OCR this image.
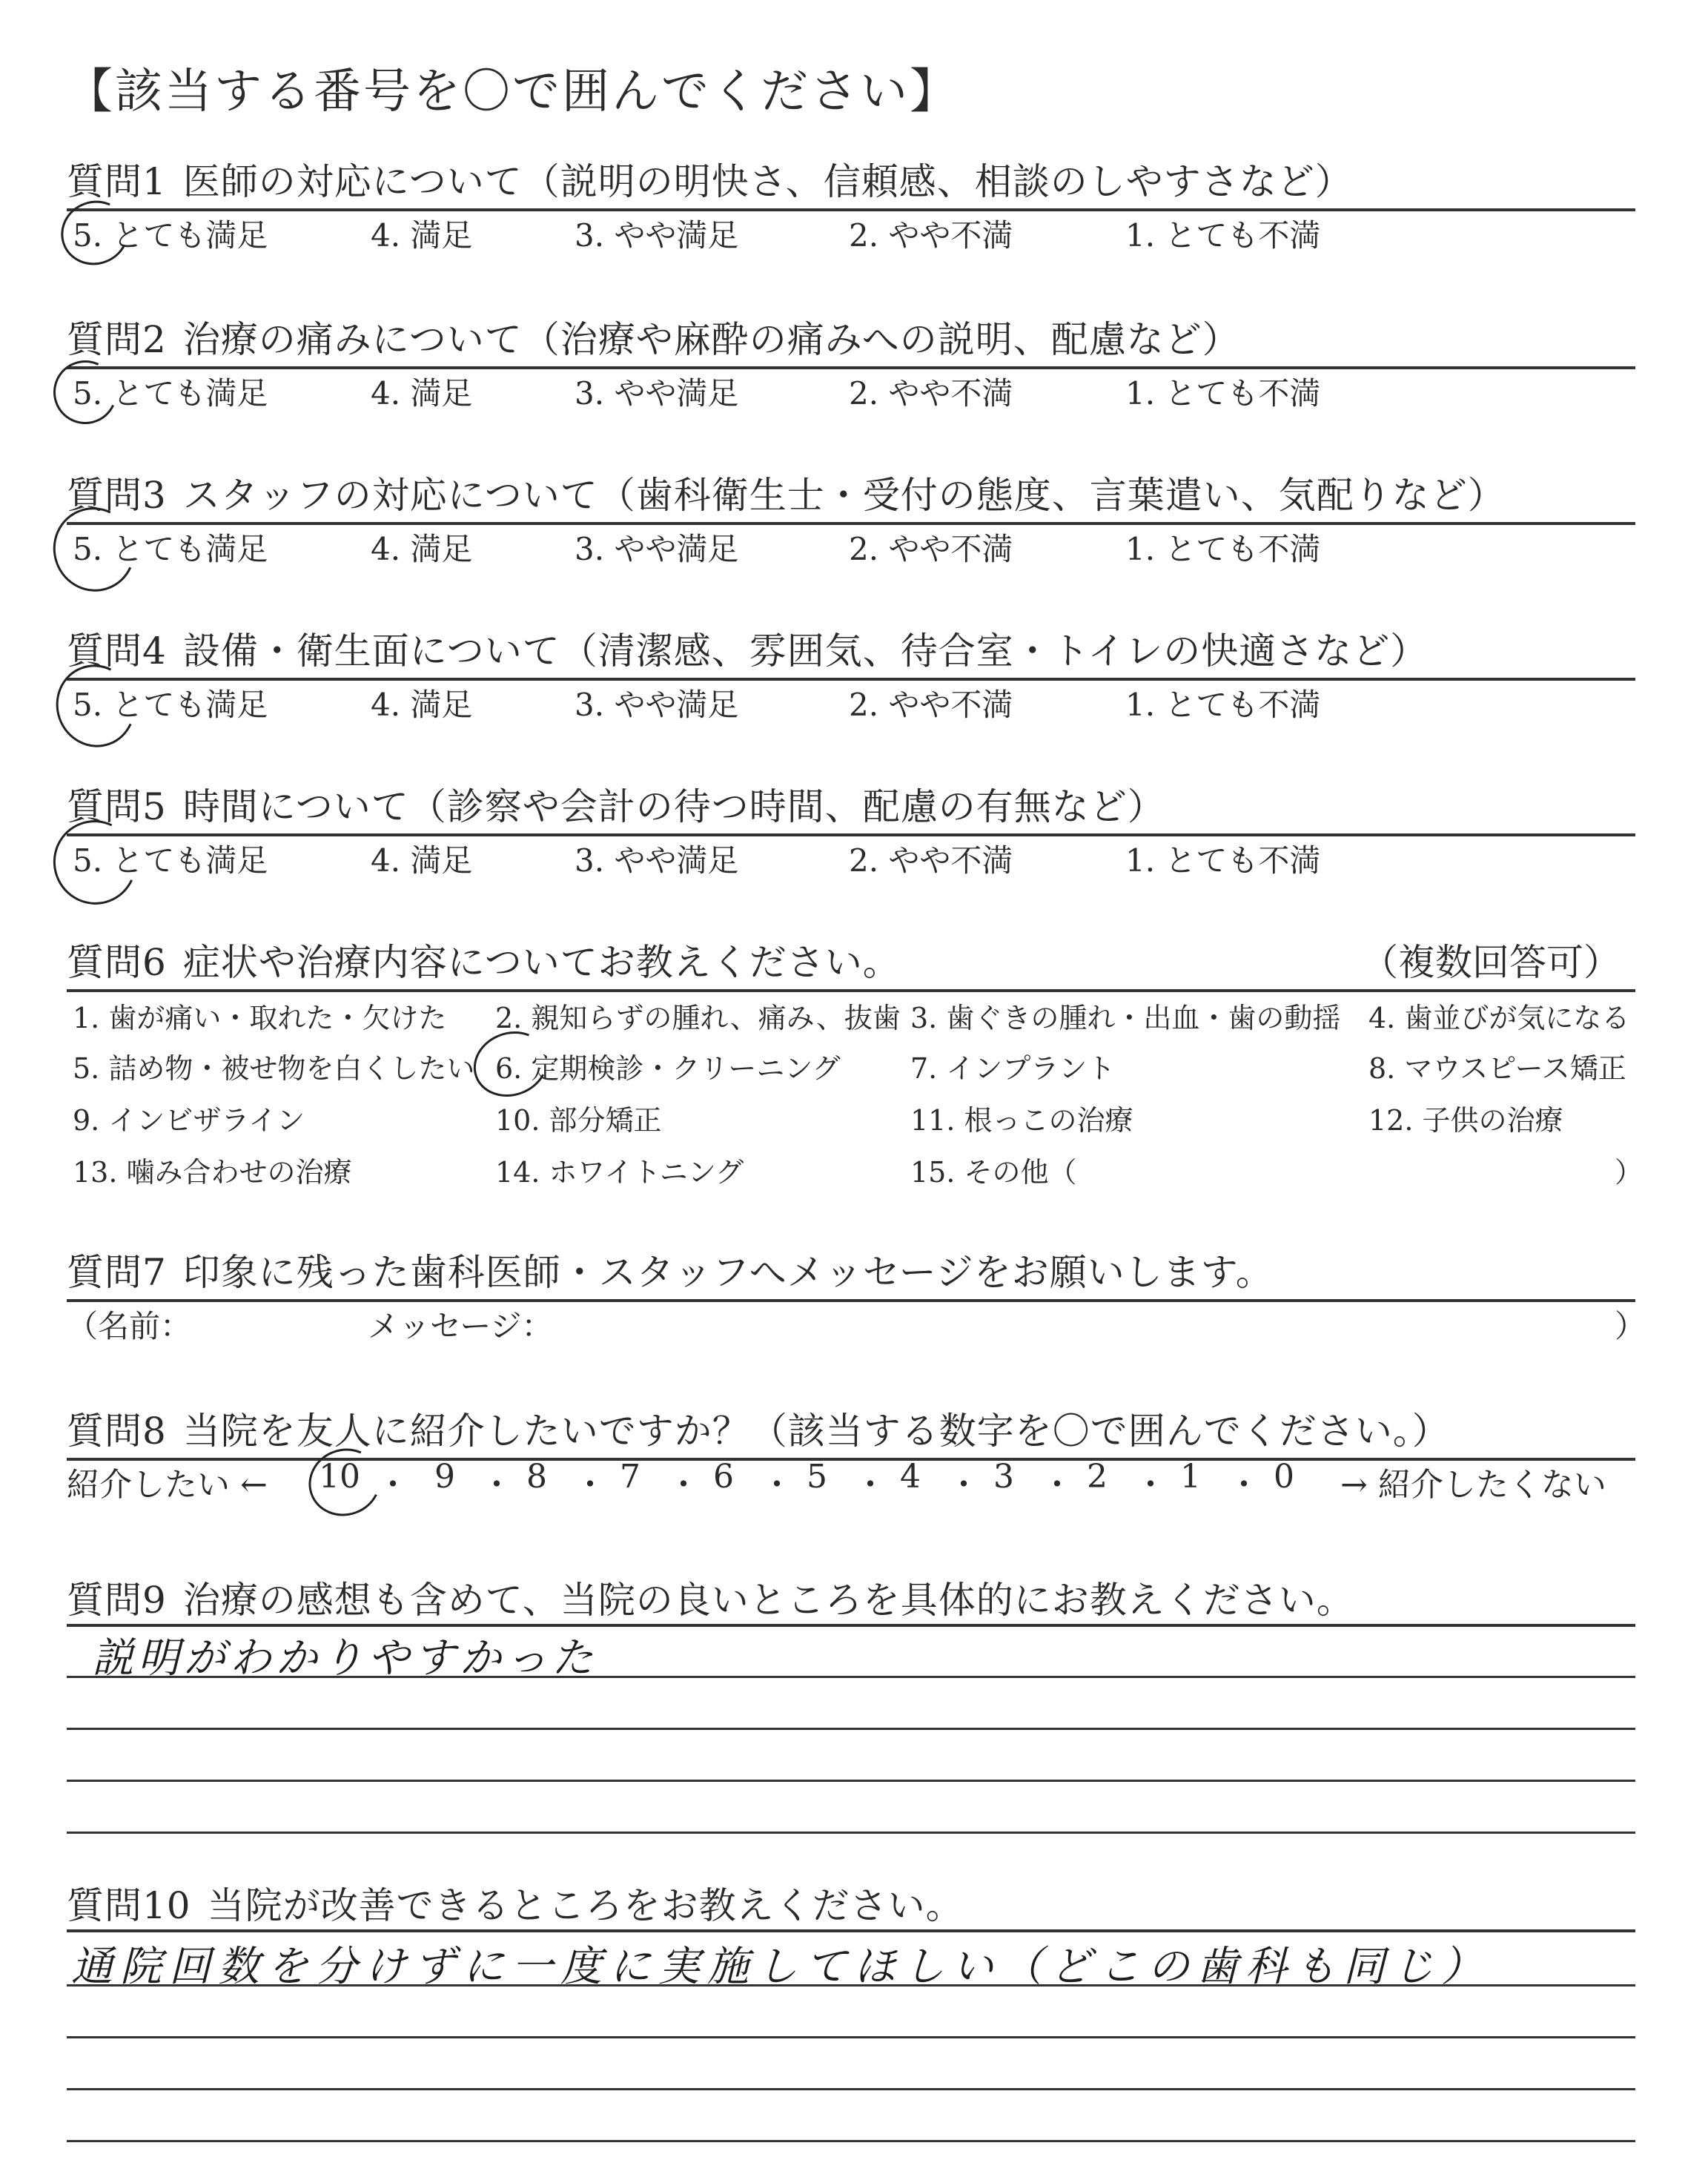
【該当する番号を〇で囲んでください】
質問1 医師の対応について（説明の明快さ、信頼感、相談のしやすさなど）
5. とても満足	4. 満足	3. やや満足	2. やや不満	1. とても不満
質問2 治療の痛みについて（治療や麻酔の痛みへの説明、配慮など）
5. とても満足	4. 満足	3. やや満足	2. やや不満	1. とても不満
質問3 スタッフの対応について（歯科衛生士・受付の態度、言葉遣い、気配りなど）
5. とても満足	4. 満足	3. やや満足	2. やや不満	1. とても不満
質問4 設備・衛生面について（清潔感、雰囲気、待合室・トイレの快適さなど）
5. とても満足	4. 満足	3. やや満足	2. やや不満	1. とても不満
質問5 時間について（診察や会計の待つ時間、配慮の有無など）
5. とても満足	4. 満足	3. やや満足	2. やや不満	1. とても不満
質問6 症状や治療内容についてお教えください。	（複数回答可）
1. 歯が痛い・取れた・欠けた 2. 親知らずの腫れ、痛み、抜歯 3. 歯ぐきの腫れ・出血・歯の動揺 4. 歯並びが気になる
5. 詰め物・被せ物を白くしたい 6. 定期検診・クリーニング 7. インプラント	8. マウスピース矯正
9. インビザライン	10. 部分矯正	11. 根っこの治療	12. 子供の治療
13. 噛み合わせの治療	14. ホワイトニング	15. その他（	）
質問7 印象に残った歯科医師・スタッフへメッセージをお願いします。
（名前：	メッセージ：	）
質問8 当院を友人に紹介したいですか？（該当する数字を〇で囲んでください。）
紹介したい ← 10 ・ 9 ・ 8 ・ 7 ・ 6 ・ 5 ・ 4 ・ 3 ・ 2 ・ 1 ・ 0 → 紹介したくない
質問9 治療の感想も含めて、当院の良いところを具体的にお教えください。
説明がわかりやすかった
質問10 当院が改善できるところをお教えください。
通院回数を分けずに一度に実施してほしい（どこの歯科も同じ）
